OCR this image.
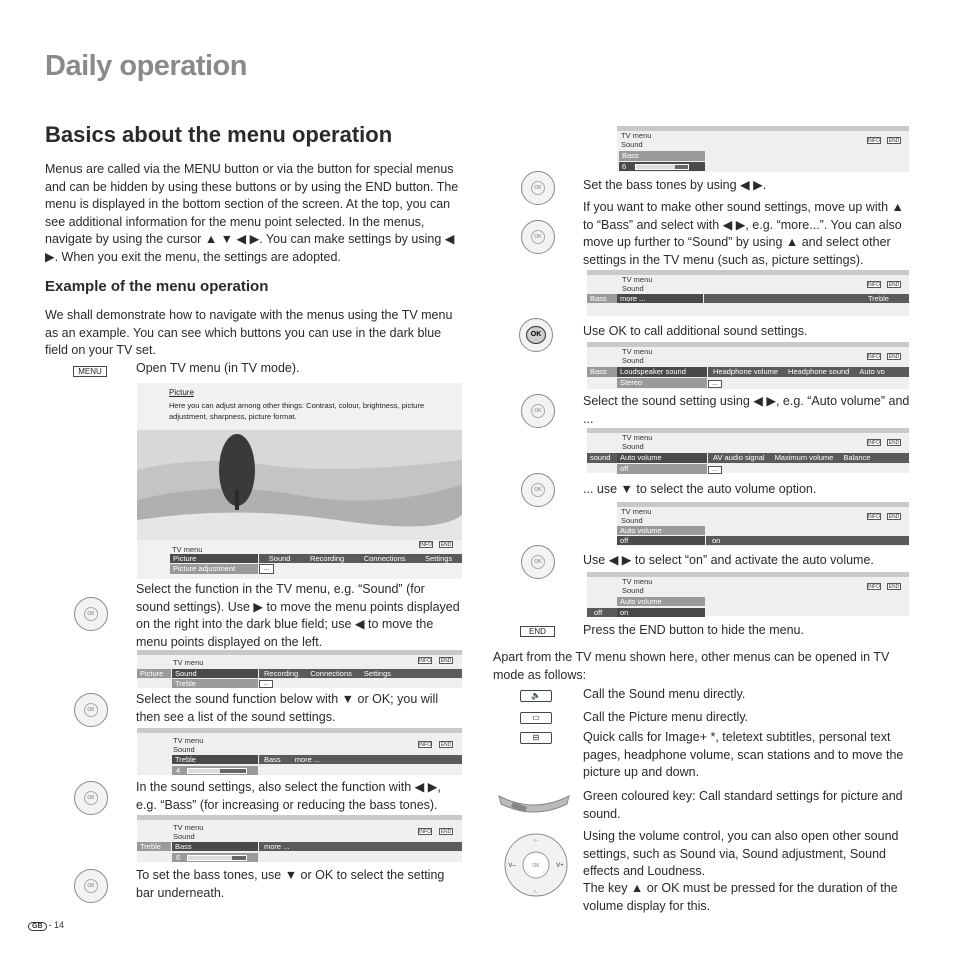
Daily operation
Basics about the menu operation
Menus are called via the MENU button or via the button for special menus and can be hidden by using these buttons or by using the END button. The menu is displayed in the bottom section of the screen. At the top, you can see additional information for the menu point selected. In the menus, navigate by using the cursor ▲ ▼ ◀ ▶. You can make settings by using ◀ ▶. When you exit the menu, the settings are adopted.
Example of the menu operation
We shall demonstrate how to navigate with the menus using the TV menu as an example. You can see which buttons you can use in the dark blue field on your TV set.
MENU	Open TV menu (in TV mode).
Picture
Here you can adjust among other things: Contrast, colour, brightness, picture adjustment, sharpness, picture format.
INFO	END
TV menu
Picture	Sound	Recording	Connections	Settings
Picture adjustment	...
OK
Select the function in the TV menu, e.g. “Sound” (for sound settings). Use ▶ to move the menu points displayed on the right into the dark blue field; use ◀ to move the menu points displayed on the left.
TV menu	INFO	END
Picture	Sound	Recording Connections Settings
Treble	...
OK
Select the sound function below with ▼ or OK; you will then see a list of the sound settings.
TV menu
Sound	INFO	END
Treble	Bass more ...
4
OK
In the sound settings, also select the function with ◀ ▶, e.g. “Bass” (for increasing or reducing the bass tones).
TV menu
Sound	INFO	END
Treble	Bass	more ...
6
OK
To set the bass tones, use ▼ or OK to select the setting bar underneath.
TV menu
Sound	INFO	END
Bass
6
OK	Set the bass tones by using ◀ ▶.
OK
If you want to make other sound settings, move up with ▲ to “Bass” and select with ◀ ▶, e.g. “more...”. You can also move up further to “Sound” by using ▲ and select other settings in the TV menu (such as, picture settings).
TV menu
Sound	INFO	END
Bass	more ...	Treble
OK	Use OK to call additional sound settings.
TV menu
Sound	INFO	END
Bass	Loudspeaker sound	Headphone volume Headphone sound Auto vo
Stereo	...
OK
Select the sound setting using ◀ ▶, e.g. “Auto volume” and ...
TV menu
Sound	INFO	END
sound	Auto volume	AV audio signal Maximum volume Balance
off	...
OK	... use ▼ to select the auto volume option.
TV menu
Sound	INFO	END
Auto volume
off	on
OK	Use ◀ ▶ to select “on” and activate the auto volume.
TV menu
Sound	INFO	END
Auto volume
off	on
END	Press the END button to hide the menu.
Apart from the TV menu shown here, other menus can be opened in TV mode as follows:
🔈	Call the Sound menu directly.
▭	Call the Picture menu directly.
⊟	Quick calls for Image+ *, teletext subtitles, personal text pages, headphone volume, scan stations and to move the picture up and down.
Green coloured key: Call standard settings for picture and sound.
OK
V–	V+
P+
P–
Using the volume control, you can also open other sound settings, such as Sound via, Sound adjustment, Sound effects and Loudness.
The key ▲ or OK must be pressed for the duration of the volume display for this.
GB - 14
